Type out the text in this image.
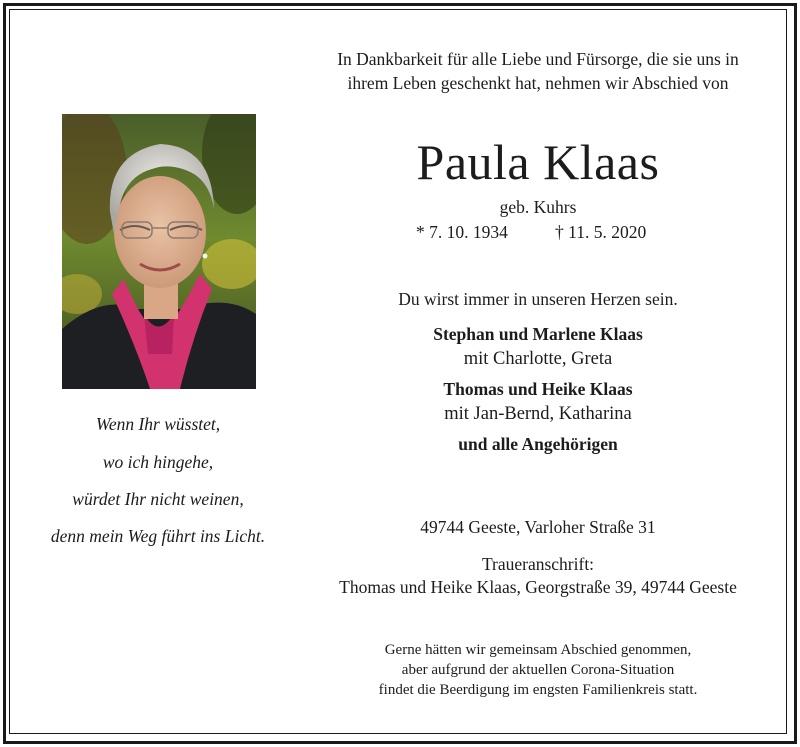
In Dankbarkeit für alle Liebe und Fürsorge, die sie uns in
ihrem Leben geschenkt hat, nehmen wir Abschied von
Paula Klaas
geb. Kuhrs
* 7. 10. 1934	† 11. 5. 2020
Du wirst immer in unseren Herzen sein.
Stephan und Marlene Klaas
mit Charlotte, Greta
Thomas und Heike Klaas
mit Jan-Bernd, Katharina
und alle Angehörigen
49744 Geeste, Varloher Straße 31
Traueranschrift:
Thomas und Heike Klaas, Georgstraße 39, 49744 Geeste
Gerne hätten wir gemeinsam Abschied genommen,
aber aufgrund der aktuellen Corona-Situation
findet die Beerdigung im engsten Familienkreis statt.
Wenn Ihr wüsstet,
wo ich hingehe,
würdet Ihr nicht weinen,
denn mein Weg führt ins Licht.
